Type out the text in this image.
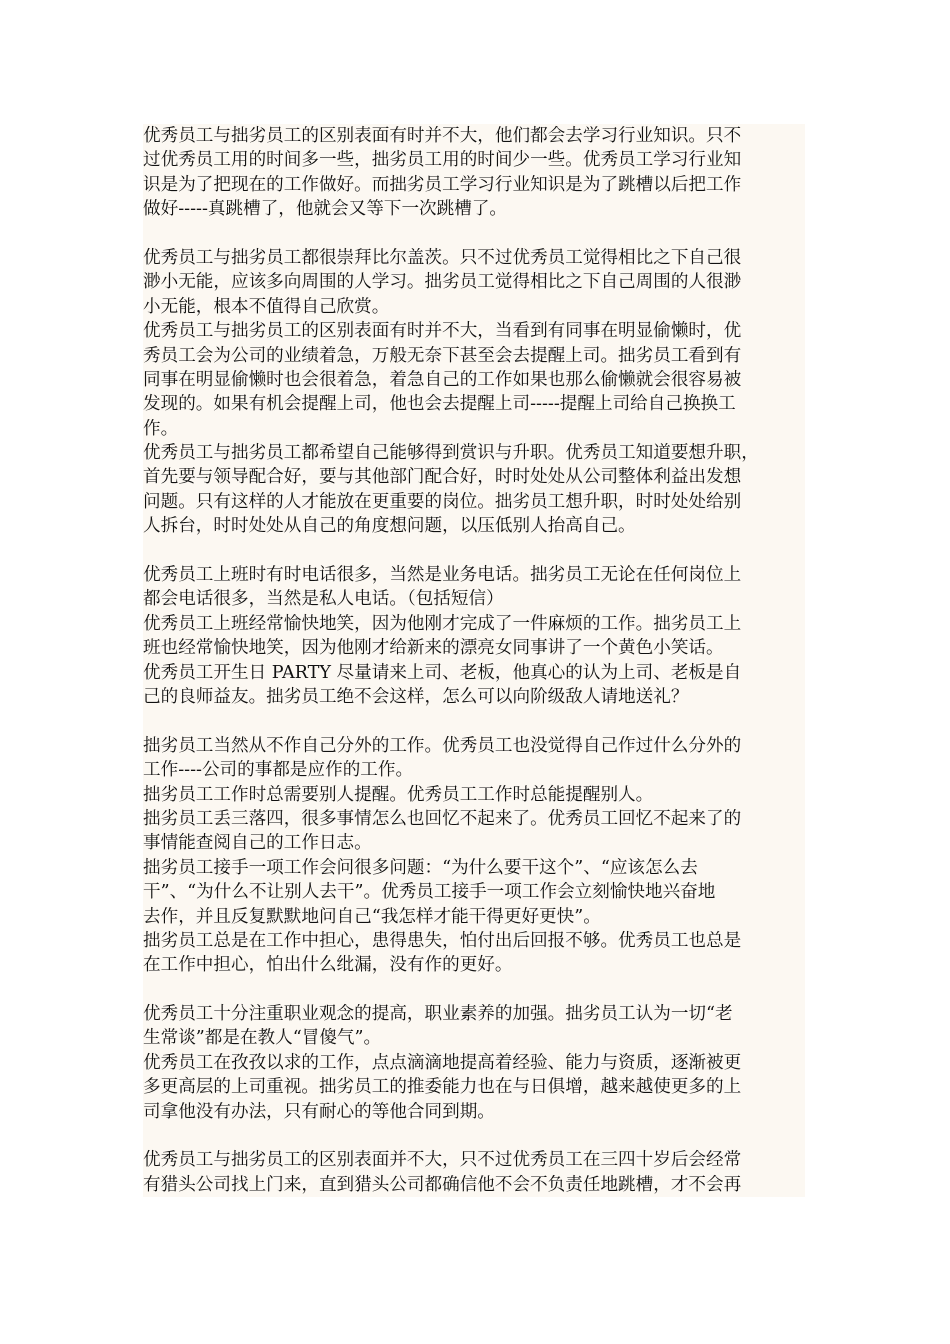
优秀员工与拙劣员工的区别表面有时并不大，他们都会去学习行业知识。只不
过优秀员工用的时间多一些，拙劣员工用的时间少一些。优秀员工学习行业知
识是为了把现在的工作做好。而拙劣员工学习行业知识是为了跳槽以后把工作
做好-----真跳槽了，他就会又等下一次跳槽了。
优秀员工与拙劣员工都很崇拜比尔盖茨。只不过优秀员工觉得相比之下自己很
渺小无能，应该多向周围的人学习。拙劣员工觉得相比之下自己周围的人很渺
小无能，根本不值得自己欣赏。
优秀员工与拙劣员工的区别表面有时并不大，当看到有同事在明显偷懒时，优
秀员工会为公司的业绩着急，万般无奈下甚至会去提醒上司。拙劣员工看到有
同事在明显偷懒时也会很着急，着急自己的工作如果也那么偷懒就会很容易被
发现的。如果有机会提醒上司，他也会去提醒上司-----提醒上司给自己换换工
作。
优秀员工与拙劣员工都希望自己能够得到赏识与升职。优秀员工知道要想升职，
首先要与领导配合好，要与其他部门配合好，时时处处从公司整体利益出发想
问题。只有这样的人才能放在更重要的岗位。拙劣员工想升职，时时处处给别
人拆台，时时处处从自己的角度想问题，以压低别人抬高自己。
优秀员工上班时有时电话很多，当然是业务电话。拙劣员工无论在任何岗位上
都会电话很多，当然是私人电话。（包括短信）
优秀员工上班经常愉快地笑，因为他刚才完成了一件麻烦的工作。拙劣员工上
班也经常愉快地笑，因为他刚才给新来的漂亮女同事讲了一个黄色小笑话。
优秀员工开生日 PARTY 尽量请来上司、老板，他真心的认为上司、老板是自
己的良师益友。拙劣员工绝不会这样，怎么可以向阶级敌人请地送礼？
拙劣员工当然从不作自己分外的工作。优秀员工也没觉得自己作过什么分外的
工作----公司的事都是应作的工作。
拙劣员工工作时总需要别人提醒。优秀员工工作时总能提醒别人。
拙劣员工丢三落四，很多事情怎么也回忆不起来了。优秀员工回忆不起来了的
事情能查阅自己的工作日志。
拙劣员工接手一项工作会问很多问题：“为什么要干这个”、“应该怎么去
干”、“为什么不让别人去干”。优秀员工接手一项工作会立刻愉快地兴奋地
去作，并且反复默默地问自己“我怎样才能干得更好更快”。
拙劣员工总是在工作中担心，患得患失，怕付出后回报不够。优秀员工也总是
在工作中担心，怕出什么纰漏，没有作的更好。
优秀员工十分注重职业观念的提高，职业素养的加强。拙劣员工认为一切“老
生常谈”都是在教人“冒傻气”。
优秀员工在孜孜以求的工作，点点滴滴地提高着经验、能力与资质，逐渐被更
多更高层的上司重视。拙劣员工的推委能力也在与日俱增，越来越使更多的上
司拿他没有办法，只有耐心的等他合同到期。
优秀员工与拙劣员工的区别表面并不大，只不过优秀员工在三四十岁后会经常
有猎头公司找上门来，直到猎头公司都确信他不会不负责任地跳槽，才不会再
